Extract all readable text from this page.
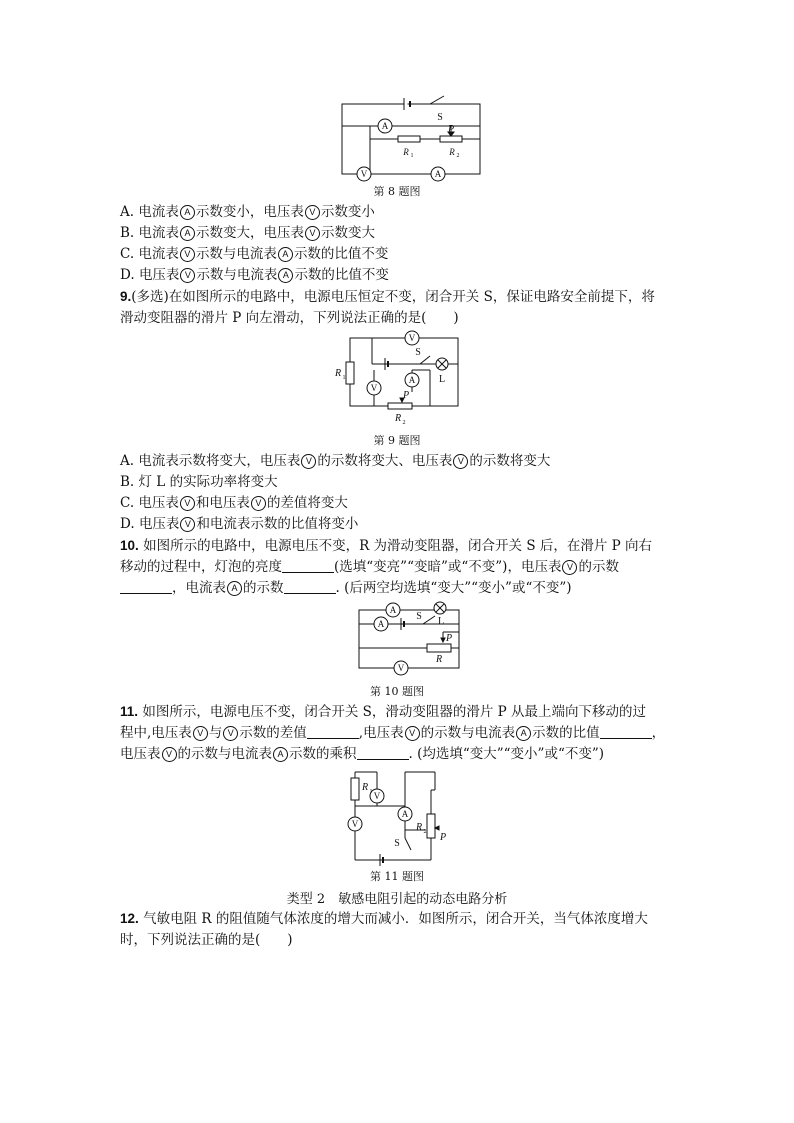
A
V	A
S
P
R 1	R 2
第 8 题图
A. 电流表 A 示数变小，电压表 V 示数变小
B. 电流表 A 示数变大，电压表 V 示数变大
C. 电流表 V 示数与电流表 A 示数的比值不变
D. 电压表 V 示数与电流表 A 示数的比值不变
9.(多选)在如图所示的电路中，电源电压恒定不变，闭合开关 S，保证电路安全前提下，将
滑动变阻器的滑片 P 向左滑动，下列说法正确的是(　　)
V
A
V
S
L
P
R 1
R 2
第 9 题图
A. 电流表示数将变大，电压表 V 的示数将变大、电压表 V 的示数将变大
B. 灯 L 的实际功率将变大
C. 电压表 V 和电压表 V 的差值将变大
D. 电压表 V 和电流表示数的比值将变小
10. 如图所示的电路中，电源电压不变，R 为滑动变阻器，闭合开关 S 后，在滑片 P 向右
移动的过程中，灯泡的亮度	(选填“变亮”“变暗”或“不变”)，电压表 V 的示数
，电流表 A 的示数	. (后两空均选填“变大”“变小”或“不变”)
A
A
V
S L
P
R
第 10 题图
11. 如图所示，电源电压不变，闭合开关 S，滑动变阻器的滑片 P 从最上端向下移动的过
程中,电压表 V 与 V 示数的差值	,电压表 V 的示数与电流表 A 示数的比值	，
电压表 V 的示数与电流表 A 示数的乘积	. (均选填“变大”“变小”或“不变”)
V
A
V
S
P
R 1
R 2
第 11 题图
类型 2　敏感电阻引起的动态电路分析
12. 气敏电阻 R 的阻值随气体浓度的增大而减小．如图所示，闭合开关，当气体浓度增大
时，下列说法正确的是(　　)
